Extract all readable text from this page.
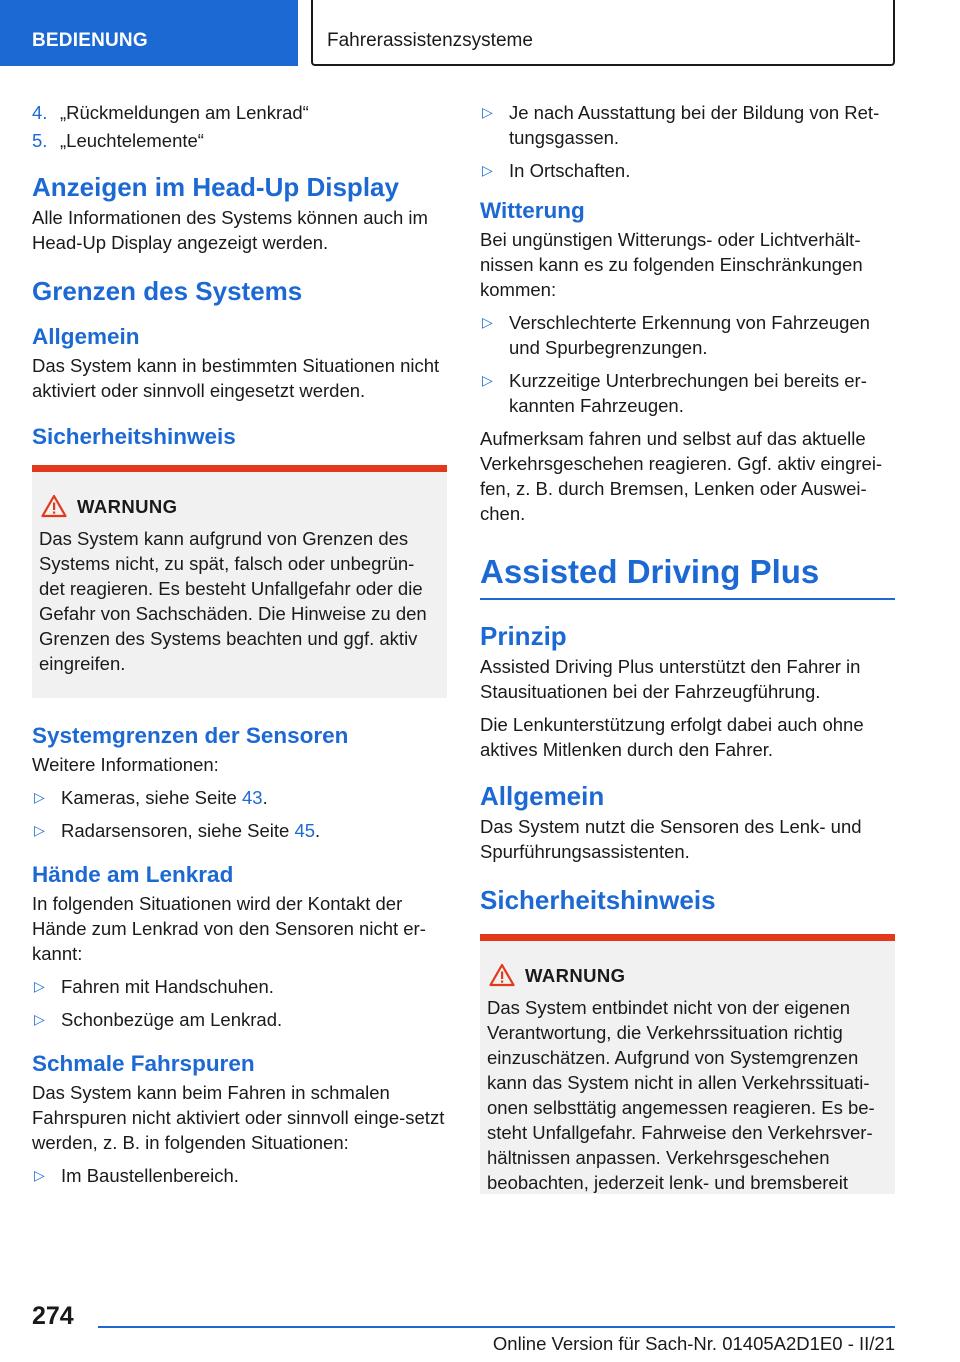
BEDIENUNG	Fahrerassistenzsysteme
4. „Rückmeldungen am Lenkrad“
5. „Leuchtelemente“
Anzeigen im Head-Up Display

Alle Informationen des Systems können auch im Head-Up Display angezeigt werden.

Grenzen des Systems
Allgemein

Das System kann in bestimmten Situationen nicht aktiviert oder sinnvoll eingesetzt werden.

Sicherheitshinweis
WARNUNG

Das System kann aufgrund von Grenzen des Systems nicht, zu spät, falsch oder unbegrün‐det reagieren. Es besteht Unfallgefahr oder die Gefahr von Sachschäden. Die Hinweise zu den Grenzen des Systems beachten und ggf. aktiv eingreifen.

Systemgrenzen der Sensoren

Weitere Informationen:

▷ Kameras, siehe Seite 43.
▷ Radarsensoren, siehe Seite 45.
Hände am Lenkrad

In folgenden Situationen wird der Kontakt der Hände zum Lenkrad von den Sensoren nicht er‐kannt:

▷ Fahren mit Handschuhen.
▷ Schonbezüge am Lenkrad.
Schmale Fahrspuren

Das System kann beim Fahren in schmalen Fahrspuren nicht aktiviert oder sinnvoll einge‐setzt werden, z. B. in folgenden Situationen:

▷ Im Baustellenbereich.
▷ Je nach Ausstattung bei der Bildung von Ret‐tungsgassen.
▷ In Ortschaften.
Witterung

Bei ungünstigen Witterungs- oder Lichtverhält‐nissen kann es zu folgenden Einschränkungen kommen:

▷ Verschlechterte Erkennung von Fahrzeugen und Spurbegrenzungen.
▷ Kurzzeitige Unterbrechungen bei bereits er‐kannten Fahrzeugen.

Aufmerksam fahren und selbst auf das aktuelle Verkehrsgeschehen reagieren. Ggf. aktiv eingrei‐fen, z. B. durch Bremsen, Lenken oder Auswei‐chen.

Assisted Driving Plus
Prinzip

Assisted Driving Plus unterstützt den Fahrer in Stausituationen bei der Fahrzeugführung.

Die Lenkunterstützung erfolgt dabei auch ohne aktives Mitlenken durch den Fahrer.

Allgemein

Das System nutzt die Sensoren des Lenk- und Spurführungsassistenten.

Sicherheitshinweis
WARNUNG

Das System entbindet nicht von der eigenen Verantwortung, die Verkehrssituation richtig einzuschätzen. Aufgrund von Systemgrenzen kann das System nicht in allen Verkehrssituati‐onen selbsttätig angemessen reagieren. Es be‐steht Unfallgefahr. Fahrweise den Verkehrsver‐hältnissen anpassen. Verkehrsgeschehen beobachten, jederzeit lenk- und bremsbereit

274
Online Version für Sach-Nr. 01405A2D1E0 - II/21
